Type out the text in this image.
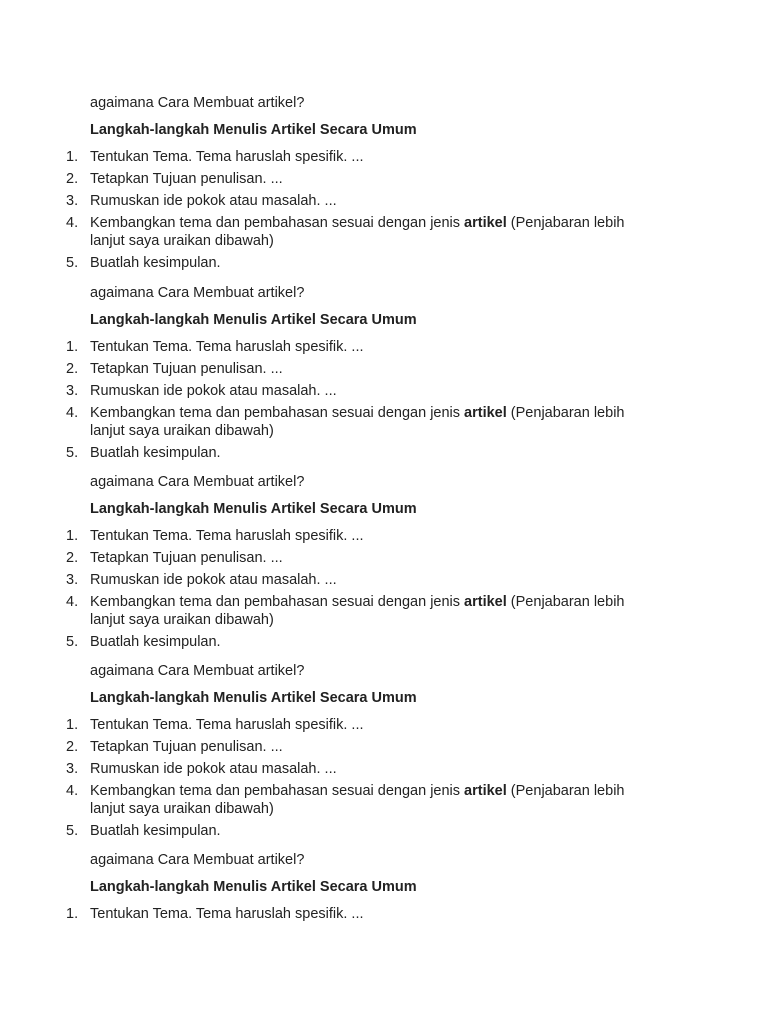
agaimana Cara Membuat artikel?

Langkah-langkah Menulis Artikel Secara Umum

1. Tentukan Tema. Tema haruslah spesifik. ...
2. Tetapkan Tujuan penulisan. ...
3. Rumuskan ide pokok atau masalah. ...
4. Kembangkan tema dan pembahasan sesuai dengan jenis artikel (Penjabaran lebih lanjut saya uraikan dibawah)
5. Buatlah kesimpulan.

agaimana Cara Membuat artikel?

Langkah-langkah Menulis Artikel Secara Umum

1. Tentukan Tema. Tema haruslah spesifik. ...
2. Tetapkan Tujuan penulisan. ...
3. Rumuskan ide pokok atau masalah. ...
4. Kembangkan tema dan pembahasan sesuai dengan jenis artikel (Penjabaran lebih lanjut saya uraikan dibawah)
5. Buatlah kesimpulan.

agaimana Cara Membuat artikel?

Langkah-langkah Menulis Artikel Secara Umum

1. Tentukan Tema. Tema haruslah spesifik. ...
2. Tetapkan Tujuan penulisan. ...
3. Rumuskan ide pokok atau masalah. ...
4. Kembangkan tema dan pembahasan sesuai dengan jenis artikel (Penjabaran lebih lanjut saya uraikan dibawah)
5. Buatlah kesimpulan.

agaimana Cara Membuat artikel?

Langkah-langkah Menulis Artikel Secara Umum

1. Tentukan Tema. Tema haruslah spesifik. ...
2. Tetapkan Tujuan penulisan. ...
3. Rumuskan ide pokok atau masalah. ...
4. Kembangkan tema dan pembahasan sesuai dengan jenis artikel (Penjabaran lebih lanjut saya uraikan dibawah)
5. Buatlah kesimpulan.

agaimana Cara Membuat artikel?

Langkah-langkah Menulis Artikel Secara Umum

1. Tentukan Tema. Tema haruslah spesifik. ...
